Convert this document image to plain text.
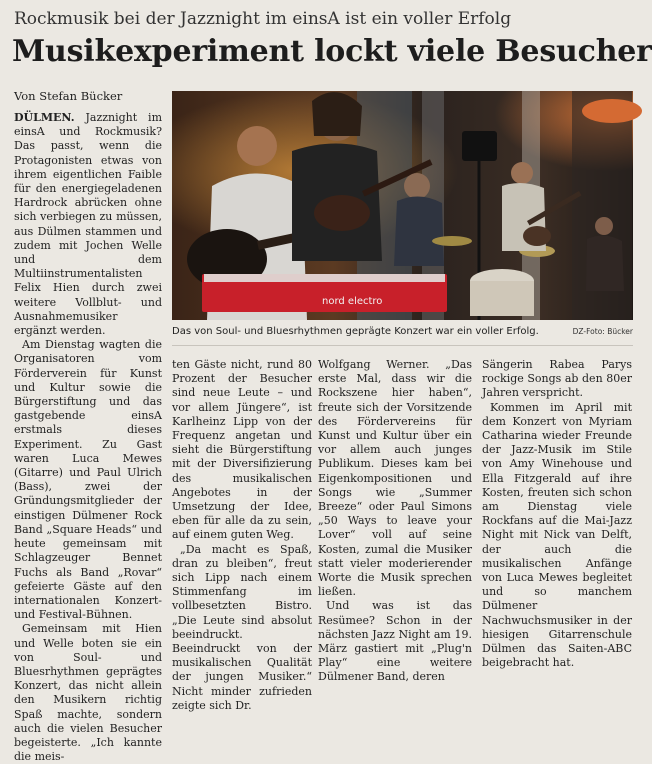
Rockmusik bei der Jazznight im einsA ist ein voller Erfolg
Musikexperiment lockt viele Besucher
Von Stefan Bücker
nord electro
Das von Soul- und Bluesrhythmen geprägte Konzert war ein voller Erfolg.	DZ-Foto: Bücker

DÜLMEN. Jazznight im einsA und Rockmusik? Das passt, wenn die Protagonisten etwas von ihrem eigentlichen Faible für den energiegeladenen Hardrock abrücken ohne sich verbiegen zu müssen, aus Dülmen stammen und zudem mit Jochen Welle und dem Multiinstrumentalisten Felix Hien durch zwei weitere Vollblut- und Ausnahmemusiker ergänzt werden.

Am Dienstag wagten die Organisatoren vom Förderverein für Kunst und Kultur sowie die Bürgerstiftung und das gastgebende einsA erstmals dieses Experiment. Zu Gast waren Luca Mewes (Gitarre) und Paul Ulrich (Bass), zwei der Gründungsmitglieder der einstigen Dülmener Rock Band „Square Heads“ und heute gemeinsam mit Schlagzeuger Bennet Fuchs als Band „Rovar“ gefeierte Gäste auf den internationalen Konzert- und Festival-Bühnen.

Gemeinsam mit Hien und Welle boten sie ein von Soul- und Bluesrhythmen geprägtes Konzert, das nicht allein den Musikern richtig Spaß machte, sondern auch die vielen Besucher begeisterte. „Ich kannte die meis-

ten Gäste nicht, rund 80 Prozent der Besucher sind neue Leute – und vor allem Jüngere“, ist Karlheinz Lipp von der Frequenz angetan und sieht die Bürgerstiftung mit der Diversifizierung des musikalischen Angebotes in der Umsetzung der Idee, eben für alle da zu sein, auf einem guten Weg.

„Da macht es Spaß, dran zu bleiben“, freut sich Lipp nach einem Stimmenfang im vollbesetzten Bistro. „Die Leute sind absolut beeindruckt. Beeindruckt von der musikalischen Qualität der jungen Musiker.“ Nicht minder zufrieden zeigte sich Dr.

Wolfgang Werner. „Das erste Mal, dass wir die Rockszene hier haben“, freute sich der Vorsitzende des Fördervereins für Kunst und Kultur über ein vor allem auch junges Publikum. Dieses kam bei Eigenkompositionen und Songs wie „Summer Breeze“ oder Paul Simons „50 Ways to leave your Lover“ voll auf seine Kosten, zumal die Musiker statt vieler moderierender Worte die Musik sprechen ließen.

Und was ist das Resümee? Schon in der nächsten Jazz Night am 19. März gastiert mit „Plug'n Play“ eine weitere Dülmener Band, deren

Sängerin Rabea Parys rockige Songs ab den 80er Jahren verspricht.

Kommen im April mit dem Konzert von Myriam Catharina wieder Freunde der Jazz-Musik im Stile von Amy Winehouse und Ella Fitzgerald auf ihre Kosten, freuten sich schon am Dienstag viele Rockfans auf die Mai-Jazz Night mit Nick van Delft, der auch die musikalischen Anfänge von Luca Mewes begleitet und so manchem Dülmener Nachwuchsmusiker in der hiesigen Gitarrenschule Dülmen das Saiten-ABC beigebracht hat.
